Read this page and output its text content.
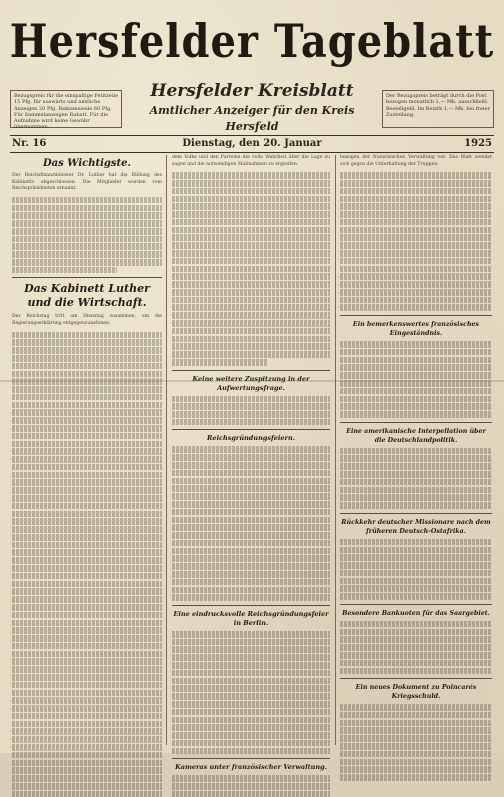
Hersfelder Tageblatt
Bezugspreis für die einspaltige Petitzeile 15 Pfg. für auswärts und amtliche Anzeigen 20 Pfg. Reklamezeile 60 Pfg. Für Sammelanzeigen Rabatt. Für die Aufnahme wird keine Gewähr übernommen.
Der Bezugspreis beträgt durch die Post bezogen monatlich 1,— Mk. ausschließl. Bestellgeld. Im Bezirk 1,— Mk. bei freier Zustellung.
Hersfelder Kreisblatt
Amtlicher Anzeiger für den Kreis Hersfeld
Nr. 16	Dienstag, den 20. Januar	1925
Das Wichtigste.

Der Reichsfinanzminister Dr. Luther hat die Bildung des Kabinetts abgeschlossen. Die Mitglieder wurden vom Reichspräsidenten ernannt.

Das Kabinett Luther und die Wirtschaft.

Der Reichstag tritt am Dienstag zusammen, um die Regierungserklärung entgegenzunehmen.

dem Volke und den Parteien die volle Wahrheit über die Lage zu sagen und die notwendigen Maßnahmen zu ergreifen.

Keine weitere Zuspitzung in der Aufwertungsfrage.
Reichsgründungsfeiern.
Eine eindrucksvolle Reichsgründungsfeier in Berlin.
Kameras unter französischer Verwaltung.

bezogen der französischen Verwaltung vor. Das Blatt wendet sich gegen die Unterhaltung der Truppen.

Ein bemerkenswertes französisches Eingeständnis.
Eine amerikanische Interpellation über die Deutschlandpolitik.
Rückkehr deutscher Missionare nach dem früheren Deutsch-Ostafrika.
Besondere Bankuoten für das Saargebiet.
Ein neues Dokument zu Poincarés Kriegsschuld.
